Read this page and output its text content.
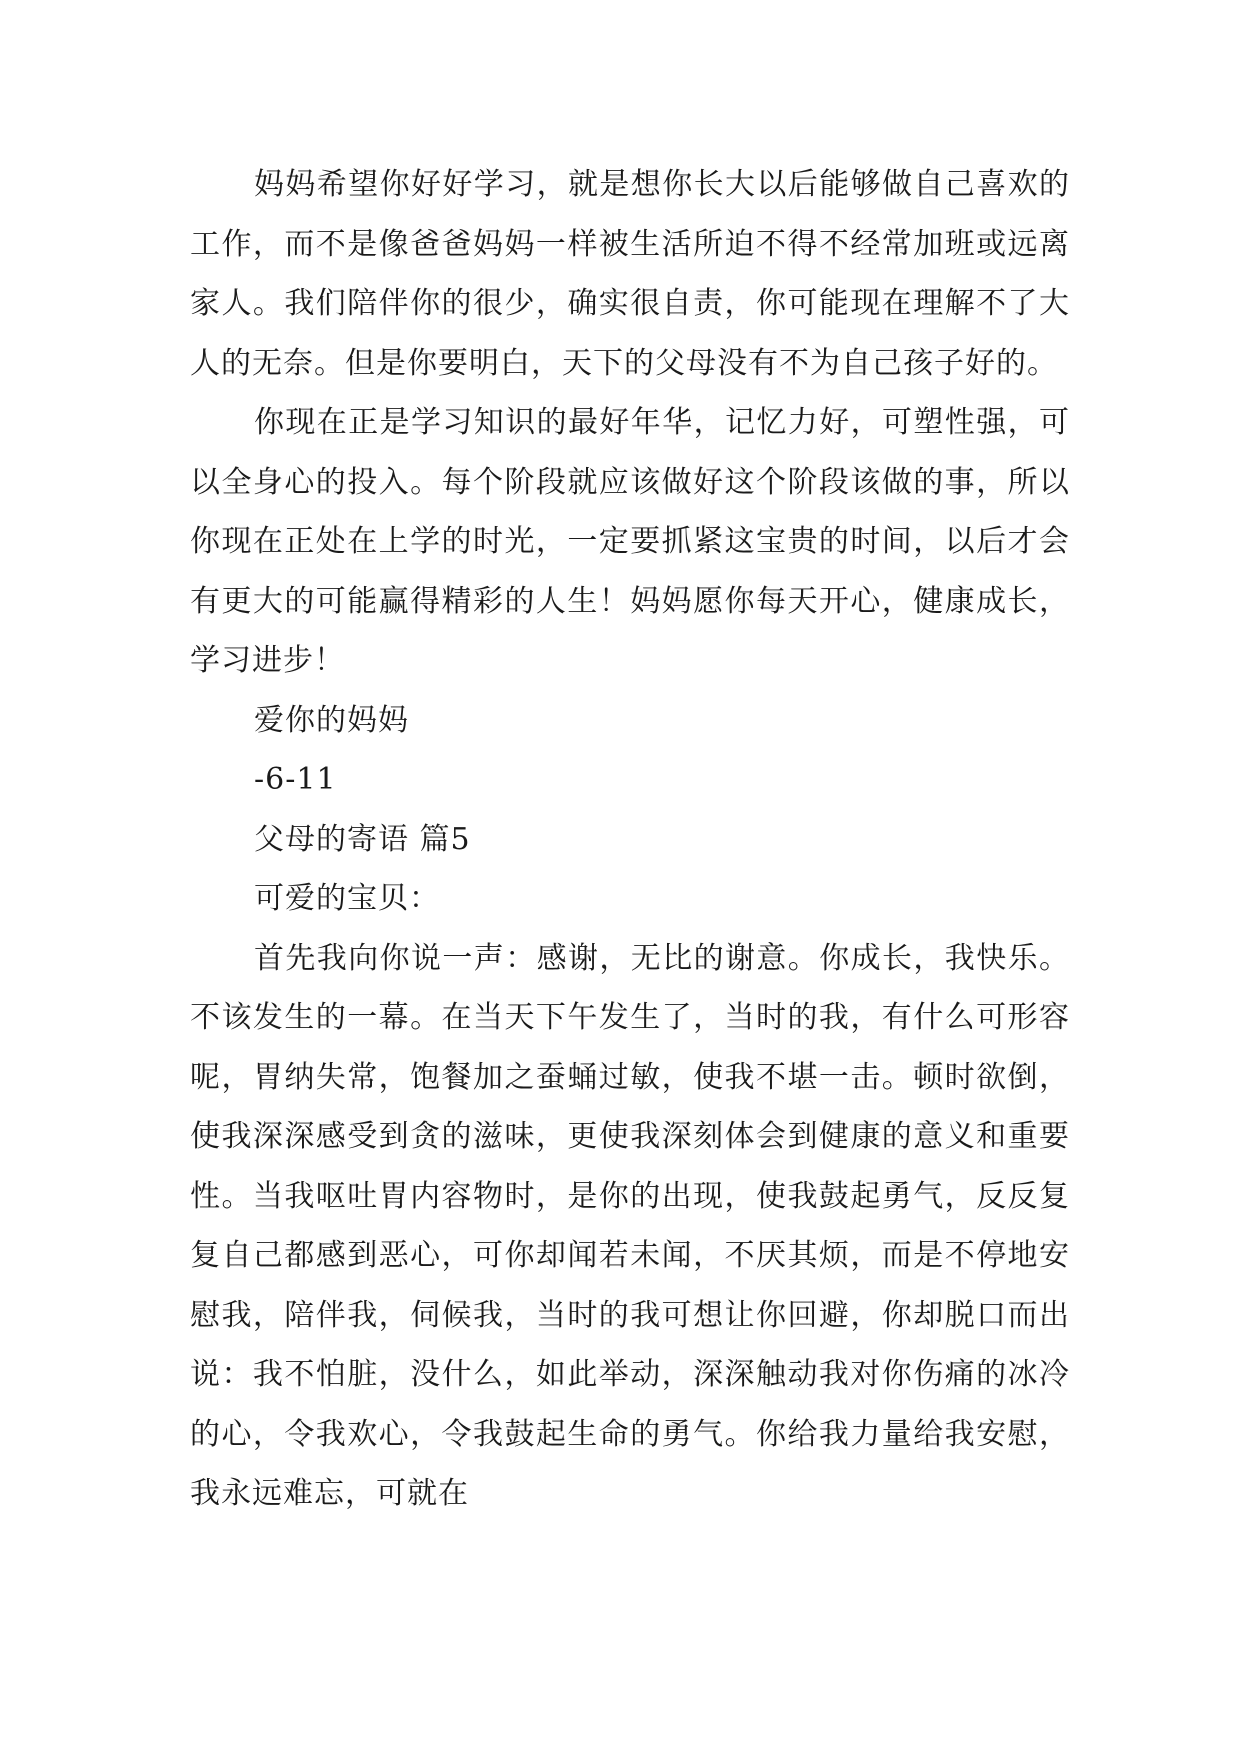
妈妈希望你好好学习，就是想你长大以后能够做自己喜欢的工作，而不是像爸爸妈妈一样被生活所迫不得不经常加班或远离家人。我们陪伴你的很少，确实很自责，你可能现在理解不了大人的无奈。但是你要明白，天下的父母没有不为自己孩子好的。

你现在正是学习知识的最好年华，记忆力好，可塑性强，可以全身心的投入。每个阶段就应该做好这个阶段该做的事，所以你现在正处在上学的时光，一定要抓紧这宝贵的时间，以后才会有更大的可能赢得精彩的人生！妈妈愿你每天开心，健康成长，学习进步！

爱你的妈妈

-6-11

父母的寄语 篇5

可爱的宝贝：

首先我向你说一声：感谢，无比的谢意。你成长，我快乐。不该发生的一幕。在当天下午发生了，当时的我，有什么可形容呢，胃纳失常，饱餐加之蚕蛹过敏，使我不堪一击。顿时欲倒，使我深深感受到贪的滋味，更使我深刻体会到健康的意义和重要性。当我呕吐胃内容物时，是你的出现，使我鼓起勇气，反反复复自己都感到恶心，可你却闻若未闻，不厌其烦，而是不停地安慰我，陪伴我，伺候我，当时的我可想让你回避，你却脱口而出说：我不怕脏，没什么，如此举动，深深触动我对你伤痛的冰冷的心，令我欢心，令我鼓起生命的勇气。你给我力量给我安慰，我永远难忘，可就在
